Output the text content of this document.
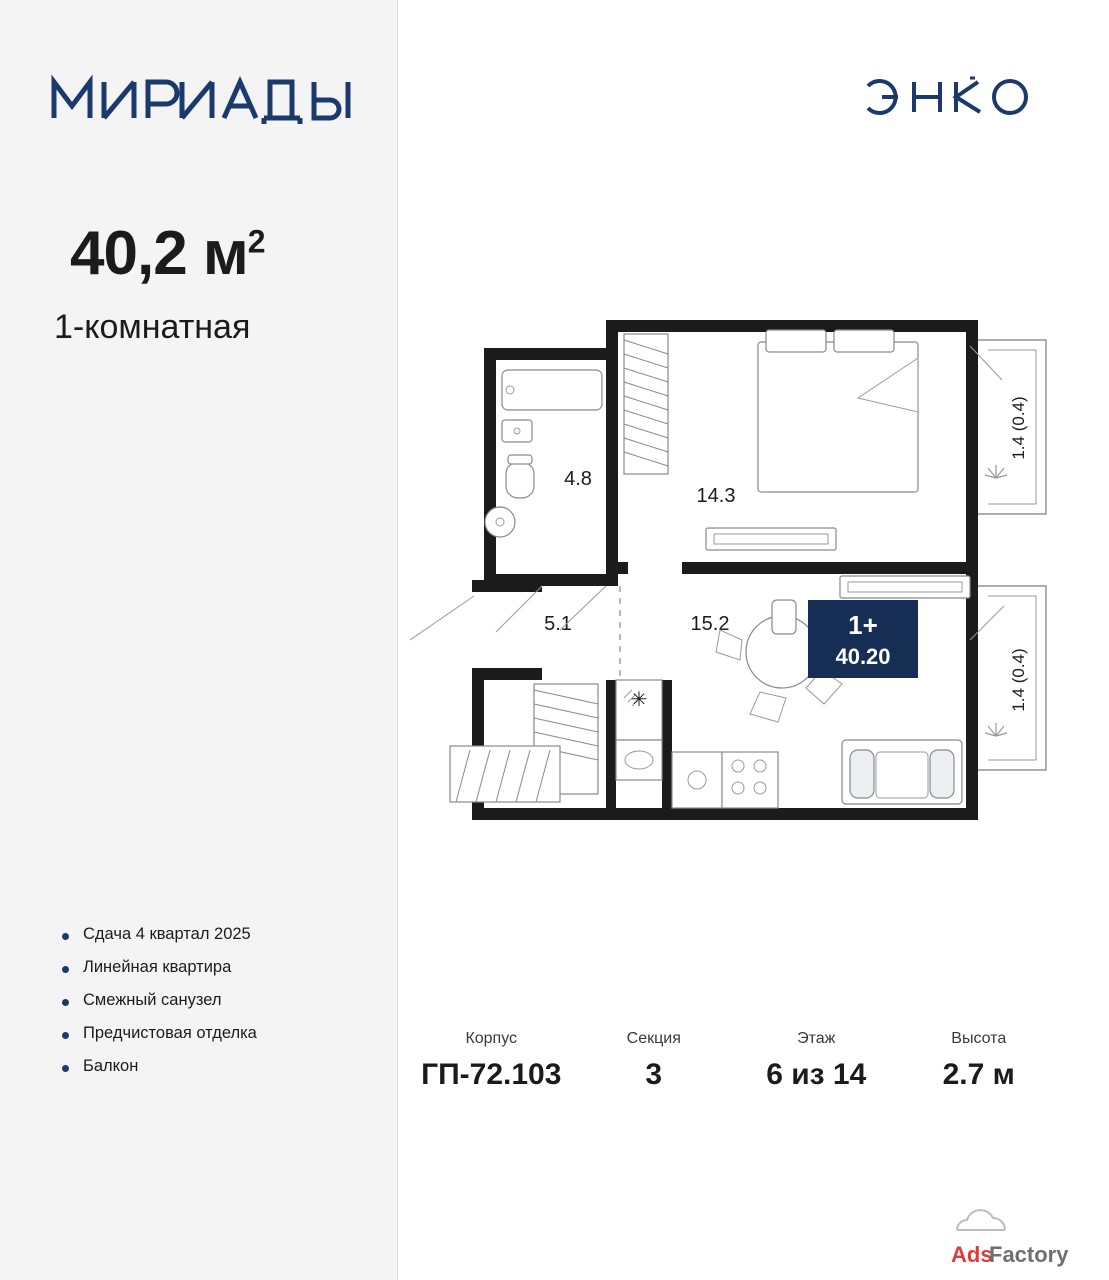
40,2 $м^2$
1-комнатная
Сдача 4 квартал 2025
Линейная квартира
Смежный санузел
Предчистовая отделка
Балкон
1.4 (0.4)
1.4 (0.4)
4.8
14.3
5.1	15.2
✳
1+
40.20
Корпус
ГП-72.103
Секция
3
Этаж
6 из 14
Высота
2.7 м
Ads
Factory
